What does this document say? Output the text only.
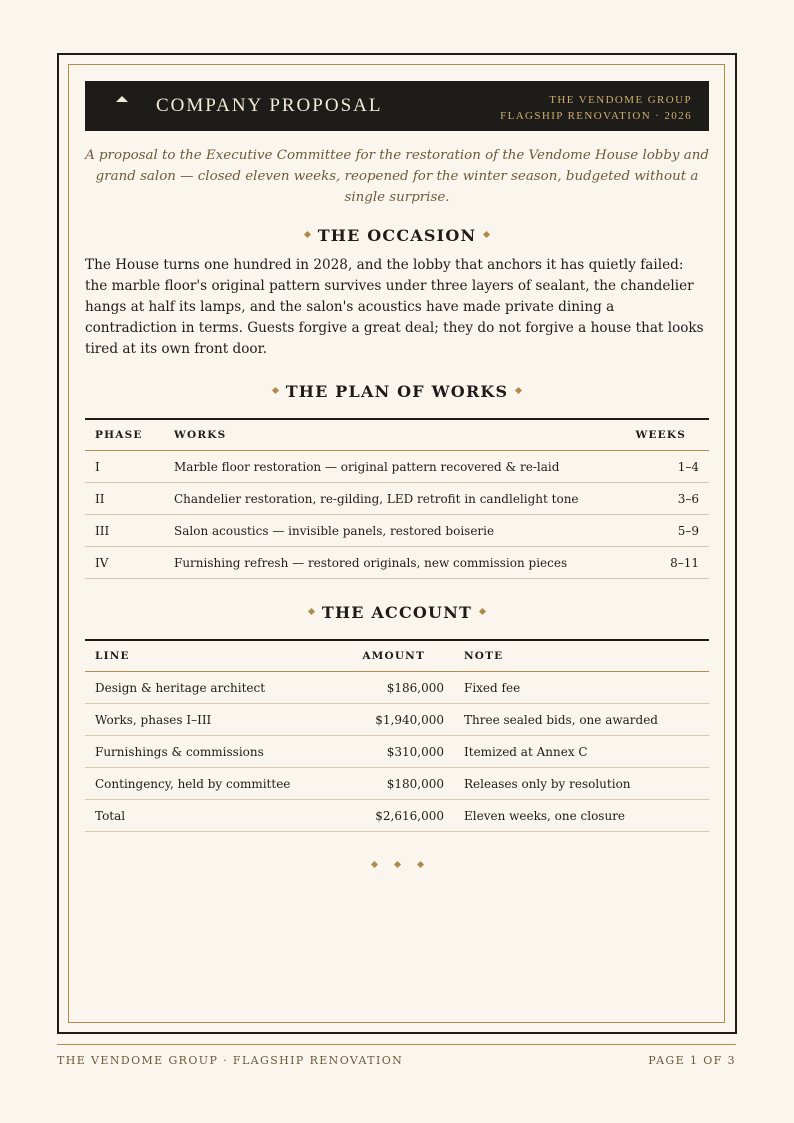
COMPANY PROPOSAL	THE VENDOME GROUP
FLAGSHIP RENOVATION · 2026
A proposal to the Executive Committee for the restoration of the Vendome House lobby and grand salon — closed eleven weeks, reopened for the winter season, budgeted without a single surprise.
THE OCCASION
The House turns one hundred in 2028, and the lobby that anchors it has quietly failed: the marble floor's original pattern survives under three layers of sealant, the chandelier hangs at half its lamps, and the salon's acoustics have made private dining a contradiction in terms. Guests forgive a great deal; they do not forgive a house that looks tired at its own front door.
THE PLAN OF WORKS
PHASE	WORKS	WEEKS
I	Marble floor restoration — original pattern recovered & re-laid	1–4
II	Chandelier restoration, re-gilding, LED retrofit in candlelight tone	3–6
III	Salon acoustics — invisible panels, restored boiserie	5–9
IV	Furnishing refresh — restored originals, new commission pieces	8–11
THE ACCOUNT
LINE	AMOUNT	NOTE
Design & heritage architect	$186,000	Fixed fee
Works, phases I–III	$1,940,000	Three sealed bids, one awarded
Furnishings & commissions	$310,000	Itemized at Annex C
Contingency, held by committee	$180,000	Releases only by resolution
Total	$2,616,000	Eleven weeks, one closure
THE VENDOME GROUP · FLAGSHIP RENOVATION	PAGE 1 OF 3
